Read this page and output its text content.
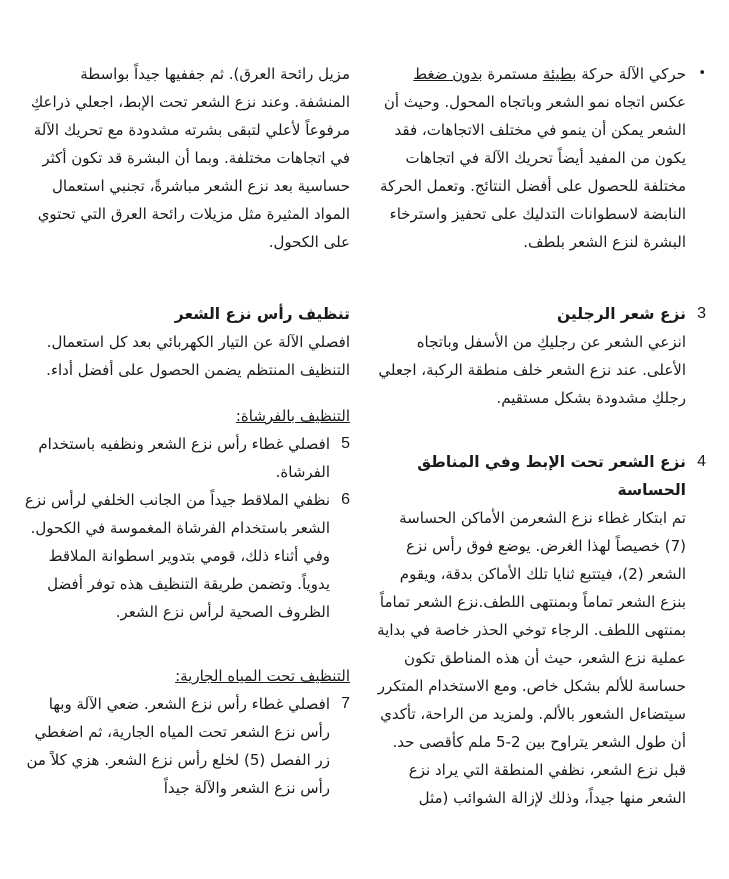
•

حركي الآلة حركة بطيئة مستمرة بدون ضغط عكس اتجاه نمو الشعر وباتجاه المحول. وحيث أن الشعر يمكن أن ينمو في مختلف الاتجاهات، فقد يكون من المفيد أيضاً تحريك الآلة في اتجاهات مختلفة للحصول على أفضل النتائج. وتعمل الحركة النابضة لاسطوانات التدليك على تحفيز واسترخاء البشرة لنزع الشعر بلطف.

3
نزع شعر الرجلين

انزعي الشعر عن رجليكِ من الأسفل وباتجاه الأعلى. عند نزع الشعر خلف منطقة الركبة، اجعلي رجلكِ مشدودة بشكل مستقيم.

4
نزع الشعر تحت الإبط وفي المناطق الحساسة

تم ابتكار غطاء نزع الشعرمن الأماكن الحساسة (7) خصيصاً لهذا الغرض. يوضع فوق رأس نزع الشعر (2)، فيتتبع ثنايا تلك الأماكن بدقة، ويقوم بنزع الشعر تماماً وبمنتهى اللطف.نزع الشعر تماماً بمنتهى اللطف. الرجاء توخي الحذر خاصة في بداية عملية نزع الشعر، حيث أن هذه المناطق تكون حساسة للألم بشكل خاص. ومع الاستخدام المتكرر سيتضاءل الشعور بالألم. ولمزيد من الراحة، تأكدي أن طول الشعر يتراوح بين 2-5 ملم كأقصى حد. قبل نزع الشعر، نظفي المنطقة التي يراد نزع الشعر منها جيداً، وذلك لإزالة الشوائب (مثل

مزيل رائحة العرق). ثم جففيها جيداً بواسطة المنشفة. وعند نزع الشعر تحت الإبط، اجعلي ذراعكِ مرفوعاً لأعلي لتبقى بشرته مشدودة مع تحريك الآلة في اتجاهات مختلفة. وبما أن البشرة قد تكون أكثر حساسية بعد نزع الشعر مباشرةً، تجنبي استعمال المواد المثيرة مثل مزيلات رائحة العرق التي تحتوي على الكحول.

تنظيف رأس نزع الشعر

افصلي الآلة عن التيار الكهربائي بعد كل استعمال. التنظيف المنتظم يضمن الحصول على أفضل أداء.

التنظيف بالفرشاة:
5

افصلي غطاء رأس نزع الشعر ونظفيه باستخدام الفرشاة.

6

نظفي الملاقط جيداً من الجانب الخلفي لرأس نزع الشعر باستخدام الفرشاة المغموسة في الكحول. وفي أثناء ذلك، قومي بتدوير اسطوانة الملاقط يدوياً. وتضمن طريقة التنظيف هذه توفر أفضل الظروف الصحية لرأس نزع الشعر.

التنظيف تحت المياه الجارية:
7

افصلي غطاء رأس نزع الشعر. ضعي الآلة وبها رأس نزع الشعر تحت المياه الجارية، ثم اضغطي زر الفصل (5) لخلع رأس نزع الشعر. هزي كلاً من رأس نزع الشعر والآلة جيداً
